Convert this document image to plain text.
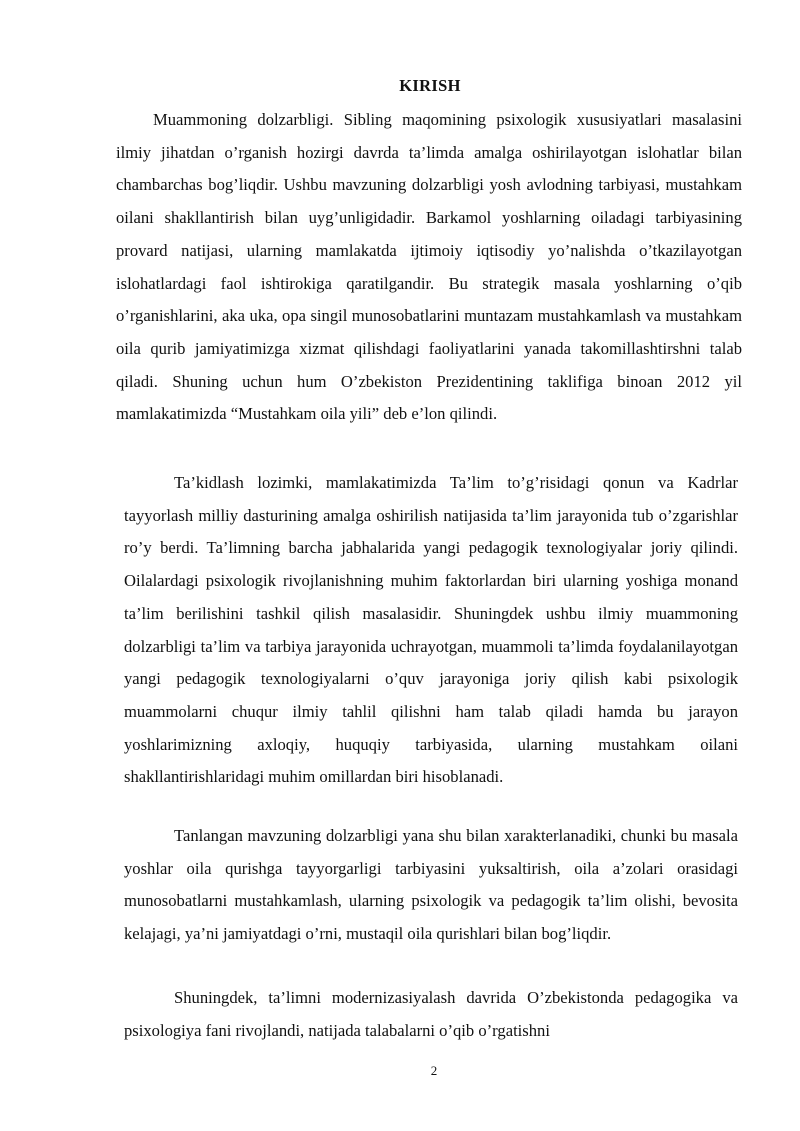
KIRISH

Muammoning dolzarbligi. Sibling maqomining psixologik xususiyatlari masalasini ilmiy jihatdan o’rganish hozirgi davrda ta’limda amalga oshirilayotgan islohatlar bilan chambarchas bog’liqdir. Ushbu mavzuning dolzarbligi yosh avlodning tarbiyasi, mustahkam oilani shakllantirish bilan uyg’unligidadir. Barkamol yoshlarning oiladagi tarbiyasining provard natijasi, ularning mamlakatda ijtimoiy iqtisodiy yo’nalishda o’tkazilayotgan islohatlardagi faol ishtirokiga qaratilgandir. Bu strategik masala yoshlarning o’qib o’rganishlarini, aka uka, opa singil munosobatlarini muntazam mustahkamlash va mustahkam oila qurib jamiyatimizga xizmat qilishdagi faoliyatlarini yanada takomillashtirshni talab qiladi. Shuning uchun hum O’zbekiston Prezidentining taklifiga binoan 2012 yil mamlakatimizda “Mustahkam oila yili” deb e’lon qilindi.

Ta’kidlash lozimki, mamlakatimizda Ta’lim to’g’risidagi qonun va Kadrlar tayyorlash milliy dasturining amalga oshirilish natijasida ta’lim jarayonida tub o’zgarishlar ro’y berdi. Ta’limning barcha jabhalarida yangi pedagogik texnologiyalar joriy qilindi. Oilalardagi psixologik rivojlanishning muhim faktorlardan biri ularning yoshiga monand ta’lim berilishini tashkil qilish masalasidir. Shuningdek ushbu ilmiy muammoning dolzarbligi ta’lim va tarbiya jarayonida uchrayotgan, muammoli ta’limda foydalanilayotgan yangi pedagogik texnologiyalarni o’quv jarayoniga joriy qilish kabi psixologik muammolarni chuqur ilmiy tahlil qilishni ham talab qiladi hamda bu jarayon yoshlarimizning axloqiy, huquqiy tarbiyasida, ularning mustahkam oilani shakllantirishlaridagi muhim omillardan biri hisoblanadi.

Tanlangan mavzuning dolzarbligi yana shu bilan xarakterlanadiki, chunki bu masala yoshlar oila qurishga tayyorgarligi tarbiyasini yuksaltirish, oila a’zolari orasidagi munosobatlarni mustahkamlash, ularning psixologik va pedagogik ta’lim olishi, bevosita kelajagi, ya’ni jamiyatdagi o’rni, mustaqil oila qurishlari bilan bog’liqdir.

Shuningdek, ta’limni modernizasiyalash davrida O’zbekistonda pedagogika va psixologiya fani rivojlandi, natijada talabalarni o’qib o’rgatishni

2
